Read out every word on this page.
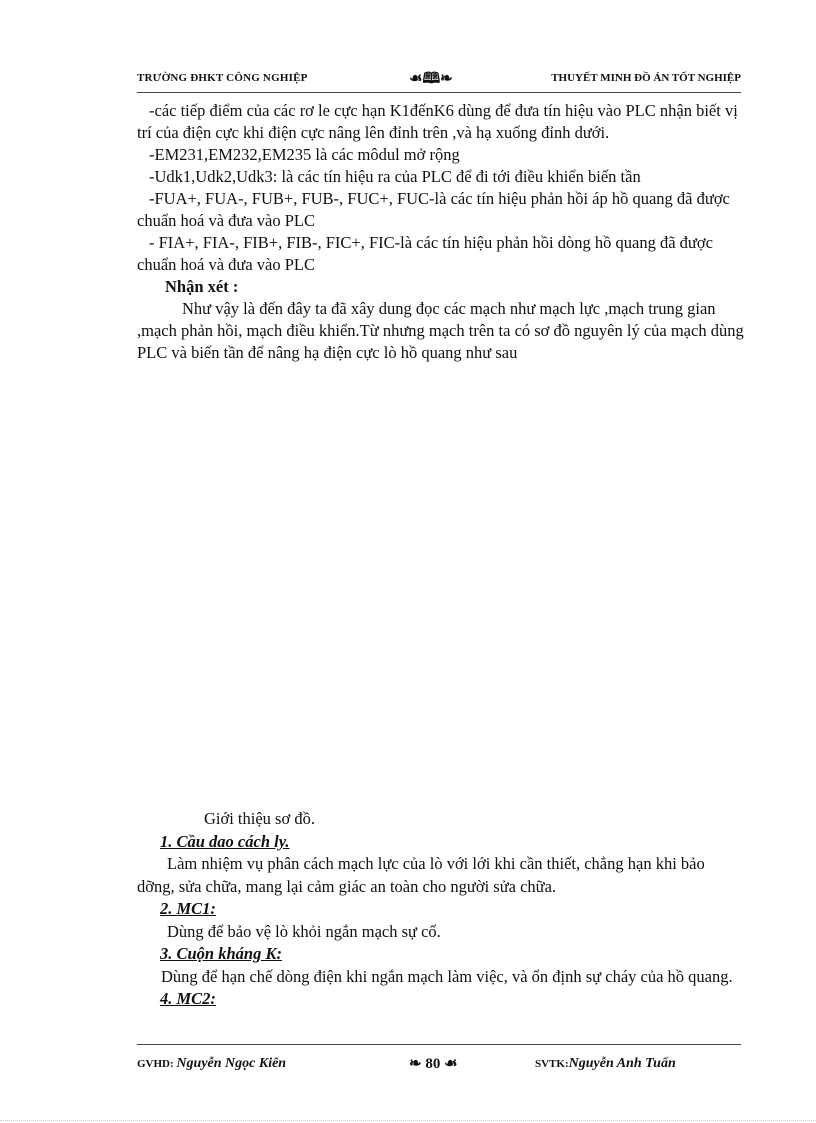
TRƯỜNG ĐHKT CÔNG NGHIỆP	☙🕮❧	THUYẾT MINH ĐỒ ÁN TỐT NGHIỆP

-các tiếp điểm của các rơ le cực hạn K1đếnK6 dùng để đưa tín hiệu vào PLC nhận biết vị trí của điện cực khi điện cực nâng lên đỉnh trên ,và hạ xuống đỉnh dưới.

-EM231,EM232,EM235 là các môdul mở rộng

-Udk1,Udk2,Udk3: là các tín hiệu ra của PLC để đi tới điều khiển biến tần

-FUA+, FUA-, FUB+, FUB-, FUC+, FUC-là các tín hiệu phản hồi áp hồ quang đã được chuẩn hoá và đưa vào PLC

- FIA+, FIA-, FIB+, FIB-, FIC+, FIC-là các tín hiệu phản hồi dòng hồ quang đã được chuẩn hoá và đưa vào PLC

Nhận xét :

Như vậy là đến đây ta đã xây dung đọc các mạch như mạch lực ,mạch trung gian ,mạch phản hồi, mạch điều khiển.Từ nhưng mạch trên ta có sơ đồ nguyên lý của mạch dùng PLC và biến tần để nâng hạ điện cực lò hồ quang như sau

Giới thiệu sơ đồ.

1. Cầu dao cách ly.

Làm nhiệm vụ phân cách mạch lực của lò với lới khi cần thiết, chẳng hạn khi bảo dỡng, sửa chữa, mang lại cảm giác an toàn cho người sửa chữa.

2. MC1:

Dùng để bảo vệ lò khỏi ngắn mạch sự cố.

3. Cuộn kháng K:

Dùng để hạn chế dòng điện khi ngắn mạch làm việc, và ổn định sự cháy của hồ quang.

4. MC2:

GVHD: Nguyễn Ngọc Kiên	❧ 80 ☙	SVTK:Nguyễn Anh Tuấn
